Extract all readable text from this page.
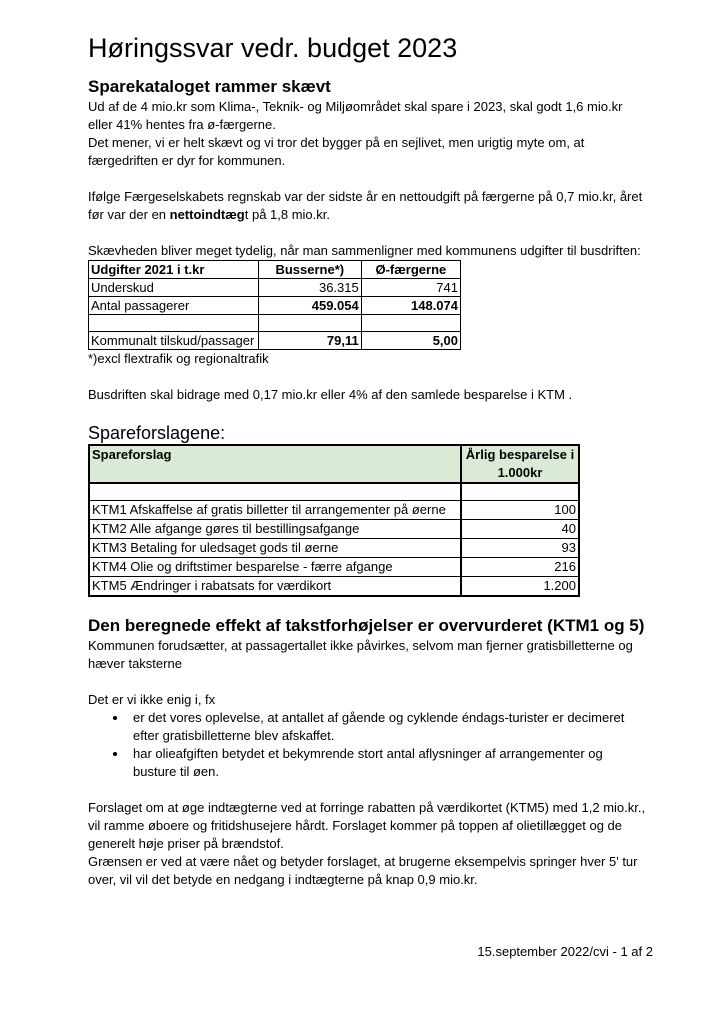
Høringssvar vedr. budget 2023
Sparekataloget rammer skævt

Ud af de 4 mio.kr som Klima-, Teknik- og Miljøområdet skal spare i 2023, skal godt 1,6 mio.kr eller 41% hentes fra ø-færgerne.

Det mener, vi er helt skævt og vi tror det bygger på en sejlivet, men urigtig myte om, at færgedriften er dyr for kommunen.

Ifølge Færgeselskabets regnskab var der sidste år en nettoudgift på færgerne på 0,7 mio.kr, året før var der en nettoindtægt på 1,8 mio.kr.

Skævheden bliver meget tydelig, når man sammenligner med kommunens udgifter til busdriften:

Udgifter 2021 i t.kr	Busserne*)	Ø-færgerne
Underskud	36.315	741
Antal passagerer	459.054	148.074

Kommunalt tilskud/passager	79,11	5,00

*)excl flextrafik og regionaltrafik

Busdriften skal bidrage med 0,17 mio.kr eller 4% af den samlede besparelse i KTM .

Spareforslagene:
Spareforslag	Årlig besparelse i 1.000kr

KTM1 Afskaffelse af gratis billetter til arrangementer på øerne	100
KTM2 Alle afgange gøres til bestillingsafgange	40
KTM3 Betaling for uledsaget gods til øerne	93
KTM4 Olie og driftstimer besparelse - færre afgange	216
KTM5 Ændringer i rabatsats for værdikort	1.200
Den beregnede effekt af takstforhøjelser er overvurderet (KTM1 og 5)

Kommunen forudsætter, at passagertallet ikke påvirkes, selvom man fjerner gratisbilletterne og hæver taksterne

Det er vi ikke enig i, fx

• er det vores oplevelse, at antallet af gående og cyklende éndags-turister er decimeret efter gratisbilletterne blev afskaffet.
• har olieafgiften betydet et bekymrende stort antal aflysninger af arrangementer og busture til øen.

Forslaget om at øge indtægterne ved at forringe rabatten på værdikortet (KTM5) med 1,2 mio.kr., vil ramme øboere og fritidshusejere hårdt. Forslaget kommer på toppen af olietillægget og de generelt høje priser på brændstof.

Grænsen er ved at være nået og betyder forslaget, at brugerne eksempelvis springer hver 5' tur over, vil vil det betyde en nedgang i indtægterne på knap 0,9 mio.kr.

15.september 2022/cvi - 1 af 2
